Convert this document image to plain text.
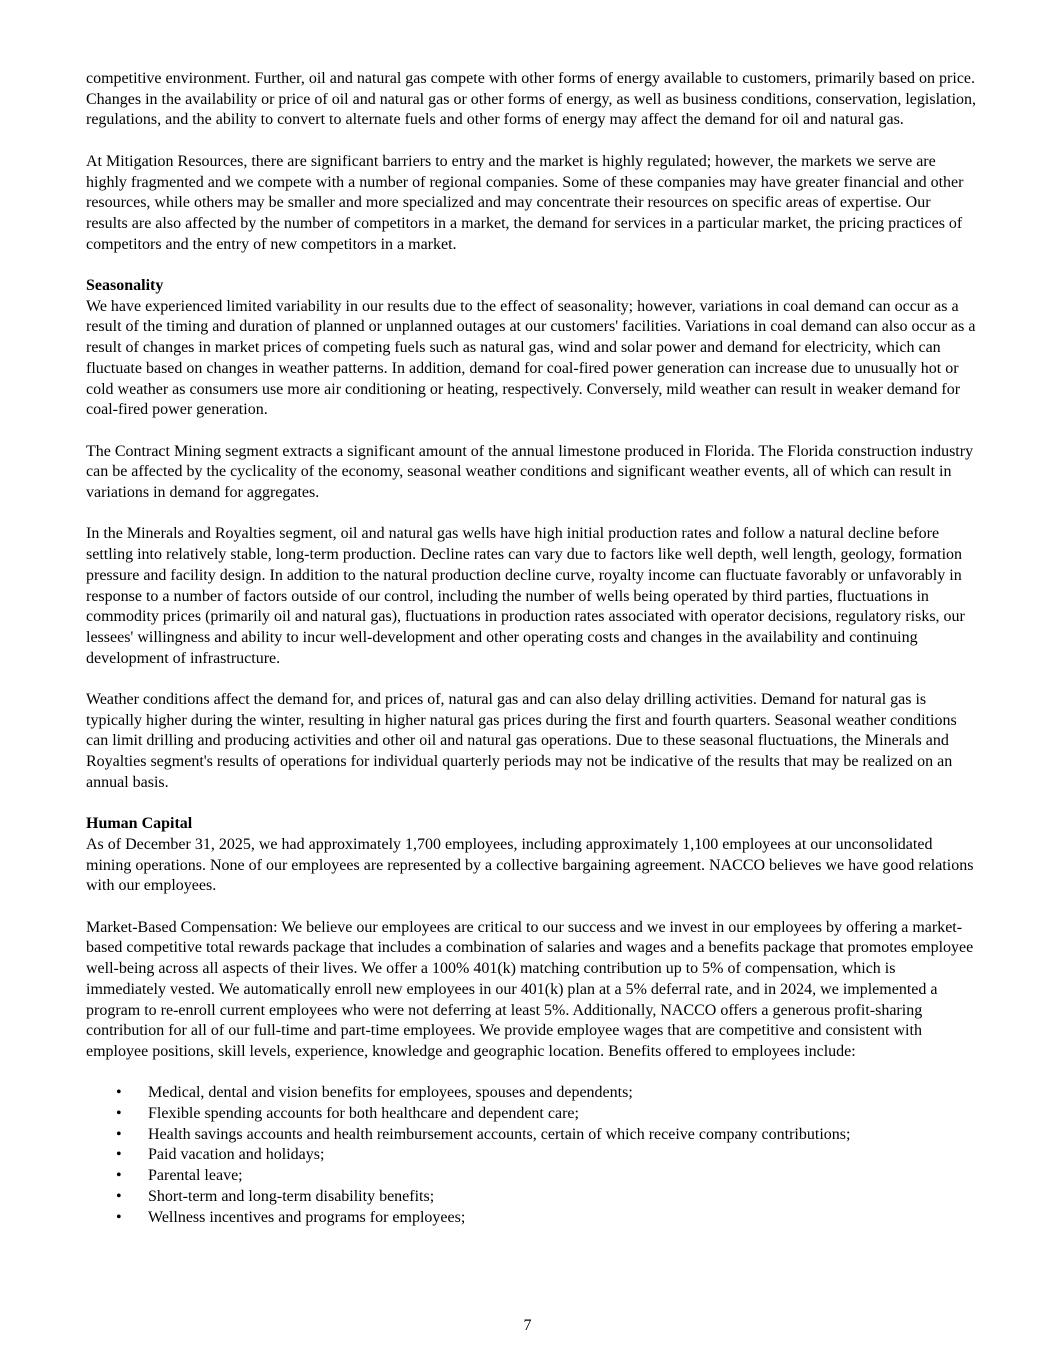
competitive environment. Further, oil and natural gas compete with other forms of energy available to customers, primarily based on price. Changes in the availability or price of oil and natural gas or other forms of energy, as well as business conditions, conservation, legislation, regulations, and the ability to convert to alternate fuels and other forms of energy may affect the demand for oil and natural gas.

At Mitigation Resources, there are significant barriers to entry and the market is highly regulated; however, the markets we serve are highly fragmented and we compete with a number of regional companies. Some of these companies may have greater financial and other resources, while others may be smaller and more specialized and may concentrate their resources on specific areas of expertise. Our results are also affected by the number of competitors in a market, the demand for services in a particular market, the pricing practices of competitors and the entry of new competitors in a market.

Seasonality

We have experienced limited variability in our results due to the effect of seasonality; however, variations in coal demand can occur as a result of the timing and duration of planned or unplanned outages at our customers' facilities. Variations in coal demand can also occur as a result of changes in market prices of competing fuels such as natural gas, wind and solar power and demand for electricity, which can fluctuate based on changes in weather patterns. In addition, demand for coal-fired power generation can increase due to unusually hot or cold weather as consumers use more air conditioning or heating, respectively. Conversely, mild weather can result in weaker demand for coal-fired power generation.

The Contract Mining segment extracts a significant amount of the annual limestone produced in Florida. The Florida construction industry can be affected by the cyclicality of the economy, seasonal weather conditions and significant weather events, all of which can result in variations in demand for aggregates.

In the Minerals and Royalties segment, oil and natural gas wells have high initial production rates and follow a natural decline before settling into relatively stable, long-term production. Decline rates can vary due to factors like well depth, well length, geology, formation pressure and facility design. In addition to the natural production decline curve, royalty income can fluctuate favorably or unfavorably in response to a number of factors outside of our control, including the number of wells being operated by third parties, fluctuations in commodity prices (primarily oil and natural gas), fluctuations in production rates associated with operator decisions, regulatory risks, our lessees' willingness and ability to incur well-development and other operating costs and changes in the availability and continuing development of infrastructure.

Weather conditions affect the demand for, and prices of, natural gas and can also delay drilling activities. Demand for natural gas is typically higher during the winter, resulting in higher natural gas prices during the first and fourth quarters. Seasonal weather conditions can limit drilling and producing activities and other oil and natural gas operations. Due to these seasonal fluctuations, the Minerals and Royalties segment's results of operations for individual quarterly periods may not be indicative of the results that may be realized on an annual basis.

Human Capital

As of December 31, 2025, we had approximately 1,700 employees, including approximately 1,100 employees at our unconsolidated mining operations. None of our employees are represented by a collective bargaining agreement. NACCO believes we have good relations with our employees.

Market-Based Compensation: We believe our employees are critical to our success and we invest in our employees by offering a market-based competitive total rewards package that includes a combination of salaries and wages and a benefits package that promotes employee well-being across all aspects of their lives. We offer a 100% 401(k) matching contribution up to 5% of compensation, which is immediately vested. We automatically enroll new employees in our 401(k) plan at a 5% deferral rate, and in 2024, we implemented a program to re-enroll current employees who were not deferring at least 5%. Additionally, NACCO offers a generous profit-sharing contribution for all of our full-time and part-time employees. We provide employee wages that are competitive and consistent with employee positions, skill levels, experience, knowledge and geographic location. Benefits offered to employees include:

• Medical, dental and vision benefits for employees, spouses and dependents;
• Flexible spending accounts for both healthcare and dependent care;
• Health savings accounts and health reimbursement accounts, certain of which receive company contributions;
• Paid vacation and holidays;
• Parental leave;
• Short-term and long-term disability benefits;
• Wellness incentives and programs for employees;
7
